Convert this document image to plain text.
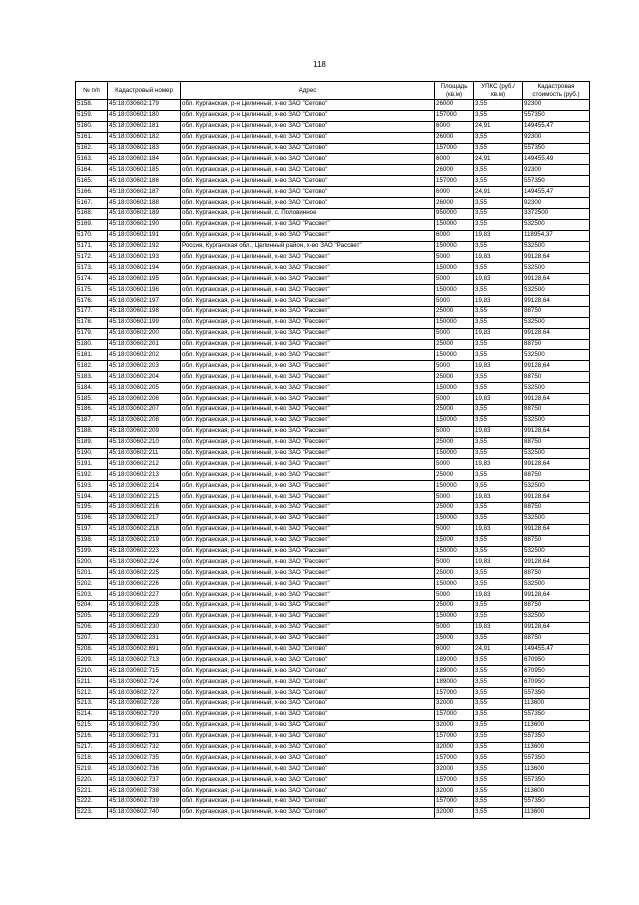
118
№ п/п	Кадастровый номер	Адрес	Площадь (кв.м)	УПКС (руб./кв.м)	Кадастровая стоимость (руб.)
5158.	45:18:030602:179	обл. Курганская, р-н Целинный, х-во ЗАО "Сетово"	26000	3,55	92300
5159.	45:18:030602:180	обл. Курганская, р-н Целинный, х-во ЗАО "Сетово"	157000	3,55	557350
5160.	45:18:030602:181	обл. Курганская, р-н Целинный, х-во ЗАО "Сетово"	6000	24,91	149455,47
5161.	45:18:030602:182	обл. Курганская, р-н Целинный, х-во ЗАО "Сетово"	26000	3,55	92300
5162.	45:18:030602:183	обл. Курганская, р-н Целинный, х-во ЗАО "Сетово"	157000	3,55	557350
5163.	45:18:030602:184	обл. Курганская, р-н Целинный, х-во ЗАО "Сетово"	6000	24,91	149455,49
5164.	45:18:030602:185	обл. Курганская, р-н Целинный, х-во ЗАО "Сетово"	26000	3,55	92300
5165.	45:18:030602:186	обл. Курганская, р-н Целинный, х-во ЗАО "Сетово"	157000	3,55	557350
5166.	45:18:030602:187	обл. Курганская, р-н Целинный, х-во ЗАО "Сетово"	6000	24,91	149455,47
5167.	45:18:030602:188	обл. Курганская, р-н Целинный, х-во ЗАО "Сетово"	26000	3,55	92300
5168.	45:18:030602:189	обл. Курганская, р-н Целинный, с. Половинное	950000	3,55	3372500
5169.	45:18:030602:190	обл. Курганская, р-н Целинный, х-во ЗАО "Рассвет"	150000	3,55	532500
5170.	45:18:030602:191	обл. Курганская, р-н Целинный, х-во ЗАО "Рассвет"	6000	19,83	118954,37
5171.	45:18:030602:192	Россия, Курганская обл., Целинный район, х-во ЗАО "Рассвет"	150000	3,55	532500
5172.	45:18:030602:193	обл. Курганская, р-н Целинный, х-во ЗАО "Рассвет"	5000	19,83	99128,64
5173.	45:18:030602:194	обл. Курганская, р-н Целинный, х-во ЗАО "Рассвет"	150000	3,55	532500
5174.	45:18:030602:195	обл. Курганская, р-н Целинный, х-во ЗАО "Рассвет"	5000	19,83	99128,64
5175.	45:18:030602:196	обл. Курганская, р-н Целинный, х-во ЗАО "Рассвет"	150000	3,55	532500
5176.	45:18:030602:197	обл. Курганская, р-н Целинный, х-во ЗАО "Рассвет"	5000	19,83	99128,64
5177.	45:18:030602:198	обл. Курганская, р-н Целинный, х-во ЗАО "Рассвет"	25000	3,55	88750
5178.	45:18:030602:199	обл. Курганская, р-н Целинный, х-во ЗАО "Рассвет"	150000	3,55	532500
5179.	45:18:030602:200	обл. Курганская, р-н Целинный, х-во ЗАО "Рассвет"	5000	19,83	99128,64
5180.	45:18:030602:201	обл. Курганская, р-н Целинный, х-во ЗАО "Рассвет"	25000	3,55	88750
5181.	45:18:030602:202	обл. Курганская, р-н Целинный, х-во ЗАО "Рассвет"	150000	3,55	532500
5182.	45:18:030602:203	обл. Курганская, р-н Целинный, х-во ЗАО "Рассвет"	5000	19,83	99128,64
5183.	45:18:030602:204	обл. Курганская, р-н Целинный, х-во ЗАО "Рассвет"	25000	3,55	88750
5184.	45:18:030602:205	обл. Курганская, р-н Целинный, х-во ЗАО "Рассвет"	150000	3,55	532500
5185.	45:18:030602:206	обл. Курганская, р-н Целинный, х-во ЗАО "Рассвет"	5000	19,83	99128,64
5186.	45:18:030602:207	обл. Курганская, р-н Целинный, х-во ЗАО "Рассвет"	25000	3,55	88750
5187.	45:18:030602:208	обл. Курганская, р-н Целинный, х-во ЗАО "Рассвет"	150000	3,55	532500
5188.	45:18:030602:209	обл. Курганская, р-н Целинный, х-во ЗАО "Рассвет"	5000	19,83	99128,64
5189.	45:18:030602:210	обл. Курганская, р-н Целинный, х-во ЗАО "Рассвет"	25000	3,55	88750
5190.	45:18:030602:211	обл. Курганская, р-н Целинный, х-во ЗАО "Рассвет"	150000	3,55	532500
5191.	45:18:030602:212	обл. Курганская, р-н Целинный, х-во ЗАО "Рассвет"	5000	19,83	99128,64
5192.	45:18:030602:213	обл. Курганская, р-н Целинный, х-во ЗАО "Рассвет"	25000	3,55	88750
5193.	45:18:030602:214	обл. Курганская, р-н Целинный, х-во ЗАО "Рассвет"	150000	3,55	532500
5194.	45:18:030602:215	обл. Курганская, р-н Целинный, х-во ЗАО "Рассвет"	5000	19,83	99128,64
5195.	45:18:030602:216	обл. Курганская, р-н Целинный, х-во ЗАО "Рассвет"	25000	3,55	88750
5196.	45:18:030602:217	обл. Курганская, р-н Целинный, х-во ЗАО "Рассвет"	150000	3,55	532500
5197.	45:18:030602:218	обл. Курганская, р-н Целинный, х-во ЗАО "Рассвет"	5000	19,83	99128,64
5198.	45:18:030602:219	обл. Курганская, р-н Целинный, х-во ЗАО "Рассвет"	25000	3,55	88750
5199.	45:18:030602:223	обл. Курганская, р-н Целинный, х-во ЗАО "Рассвет"	150000	3,55	532500
5200.	45:18:030602:224	обл. Курганская, р-н Целинный, х-во ЗАО "Рассвет"	5000	19,83	99128,64
5201.	45:18:030602:225	обл. Курганская, р-н Целинный, х-во ЗАО "Рассвет"	25000	3,55	88750
5202.	45:18:030602:226	обл. Курганская, р-н Целинный, х-во ЗАО "Рассвет"	150000	3,55	532500
5203.	45:18:030602:227	обл. Курганская, р-н Целинный, х-во ЗАО "Рассвет"	5000	19,83	99128,64
5204.	45:18:030602:228	обл. Курганская, р-н Целинный, х-во ЗАО "Рассвет"	25000	3,55	88750
5205.	45:18:030602:229	обл. Курганская, р-н Целинный, х-во ЗАО "Рассвет"	150000	3,55	532500
5206.	45:18:030602:230	обл. Курганская, р-н Целинный, х-во ЗАО "Рассвет"	5000	19,83	99128,64
5207.	45:18:030602:231	обл. Курганская, р-н Целинный, х-во ЗАО "Рассвет"	25000	3,55	88750
5208.	45:18:030602:691	обл. Курганская, р-н Целинный, х-во ЗАО "Сетово"	6000	24,91	149455,47
5209.	45:18:030602:713	обл. Курганская, р-н Целинный, х-во ЗАО "Сетово"	189000	3,55	670950
5210.	45:18:030602:715	обл. Курганская, р-н Целинный, х-во ЗАО "Сетово"	189000	3,55	670950
5211.	45:18:030602:724	обл. Курганская, р-н Целинный, х-во ЗАО "Сетово"	189000	3,55	670950
5212.	45:18:030602:727	обл. Курганская, р-н Целинный, х-во ЗАО "Сетово"	157000	3,55	557350
5213.	45:18:030602:728	обл. Курганская, р-н Целинный, х-во ЗАО "Сетово"	32000	3,55	113600
5214.	45:18:030602:729	обл. Курганская, р-н Целинный, х-во ЗАО "Сетово"	157000	3,55	557350
5215.	45:18:030602:730	обл. Курганская, р-н Целинный, х-во ЗАО "Сетово"	32000	3,55	113600
5216.	45:18:030602:731	обл. Курганская, р-н Целинный, х-во ЗАО "Сетово"	157000	3,55	557350
5217.	45:18:030602:732	обл. Курганская, р-н Целинный, х-во ЗАО "Сетово"	32000	3,55	113600
5218.	45:18:030602:735	обл. Курганская, р-н Целинный, х-во ЗАО "Сетово"	157000	3,55	557350
5219.	45:18:030602:736	обл. Курганская, р-н Целинный, х-во ЗАО "Сетово"	32000	3,55	113600
5220.	45:18:030602:737	обл. Курганская, р-н Целинный, х-во ЗАО "Сетово"	157000	3,55	557350
5221.	45:18:030602:738	обл. Курганская, р-н Целинный, х-во ЗАО "Сетово"	32000	3,55	113600
5222.	45:18:030602:739	обл. Курганская, р-н Целинный, х-во ЗАО "Сетово"	157000	3,55	557350
5223.	45:18:030602:740	обл. Курганская, р-н Целинный, х-во ЗАО "Сетово"	32000	3,55	113600
